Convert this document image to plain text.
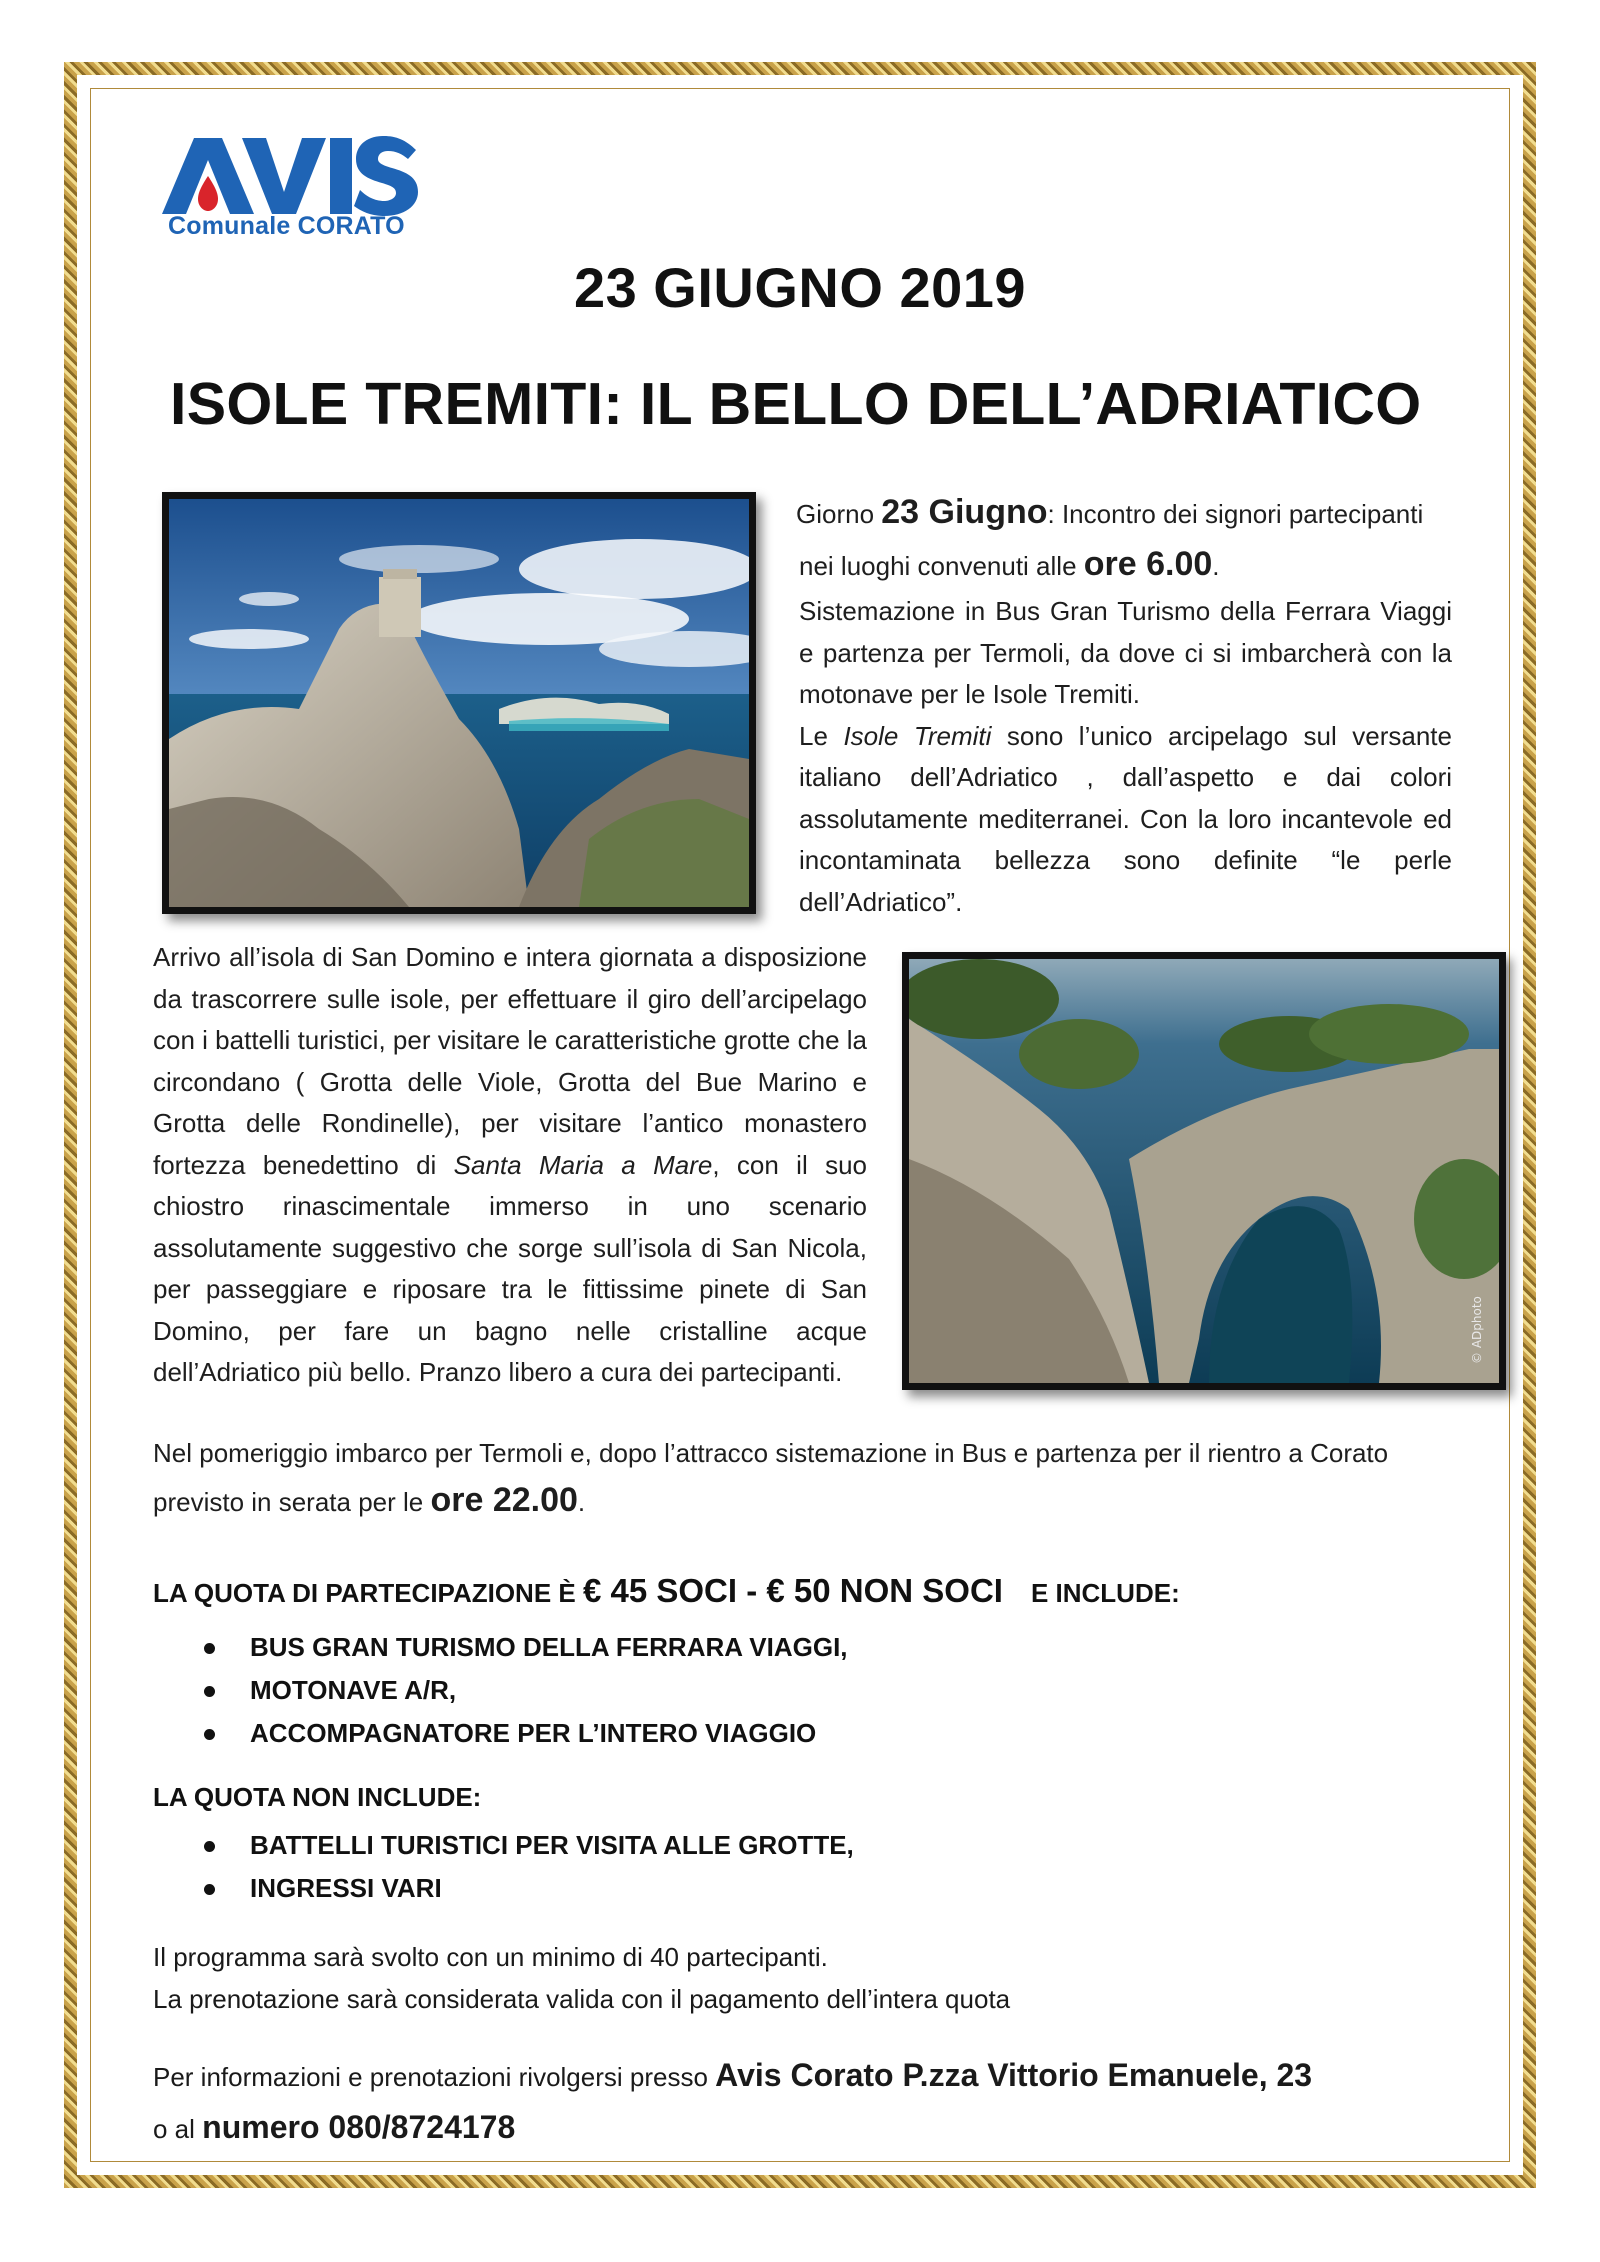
Comunale CORATO
23 GIUGNO 2019
ISOLE TREMITI: IL BELLO DELL’ADRIATICO

Giorno 23 Giugno: Incontro dei signori partecipanti

nei luoghi convenuti alle ore 6.00.

Sistemazione in Bus Gran Turismo della Ferrara Viaggi e partenza per Termoli, da dove ci si imbarcherà con la motonave per le Isole Tremiti.

Le Isole Tremiti sono l’unico arcipelago sul versante italiano dell’Adriatico , dall’aspetto e dai colori assolutamente mediterranei. Con la loro incantevole ed incontaminata bellezza sono definite “le perle dell’Adriatico”.

© ADphoto

Arrivo all’isola di San Domino e intera giornata a disposizione da trascorrere sulle isole, per effettuare il giro dell’arcipelago con i battelli turistici, per visitare le caratteristiche grotte che la circondano ( Grotta delle Viole, Grotta del Bue Marino e Grotta delle Rondinelle), per visitare l’antico monastero fortezza benedettino di Santa Maria a Mare, con il suo chiostro rinascimentale immerso in uno scenario assolutamente suggestivo che sorge sull’isola di San Nicola, per passeggiare e riposare tra le fittissime pinete di San Domino, per fare un bagno nelle cristalline acque dell’Adriatico più bello. Pranzo libero a cura dei partecipanti.

Nel pomeriggio imbarco per Termoli e, dopo l’attracco sistemazione in Bus e partenza per il rientro a Corato

previsto in serata per le ore 22.00.

LA QUOTA DI PARTECIPAZIONE È € 45 SOCI - € 50 NON SOCI E INCLUDE:
BUS GRAN TURISMO DELLA FERRARA VIAGGI,
MOTONAVE A/R,
ACCOMPAGNATORE PER L’INTERO VIAGGIO
LA QUOTA NON INCLUDE:
BATTELLI TURISTICI PER VISITA ALLE GROTTE,
INGRESSI VARI

Il programma sarà svolto con un minimo di 40 partecipanti.

La prenotazione sarà considerata valida con il pagamento dell’intera quota

Per informazioni e prenotazioni rivolgersi presso Avis Corato P.zza Vittorio Emanuele, 23

o al numero 080/8724178
